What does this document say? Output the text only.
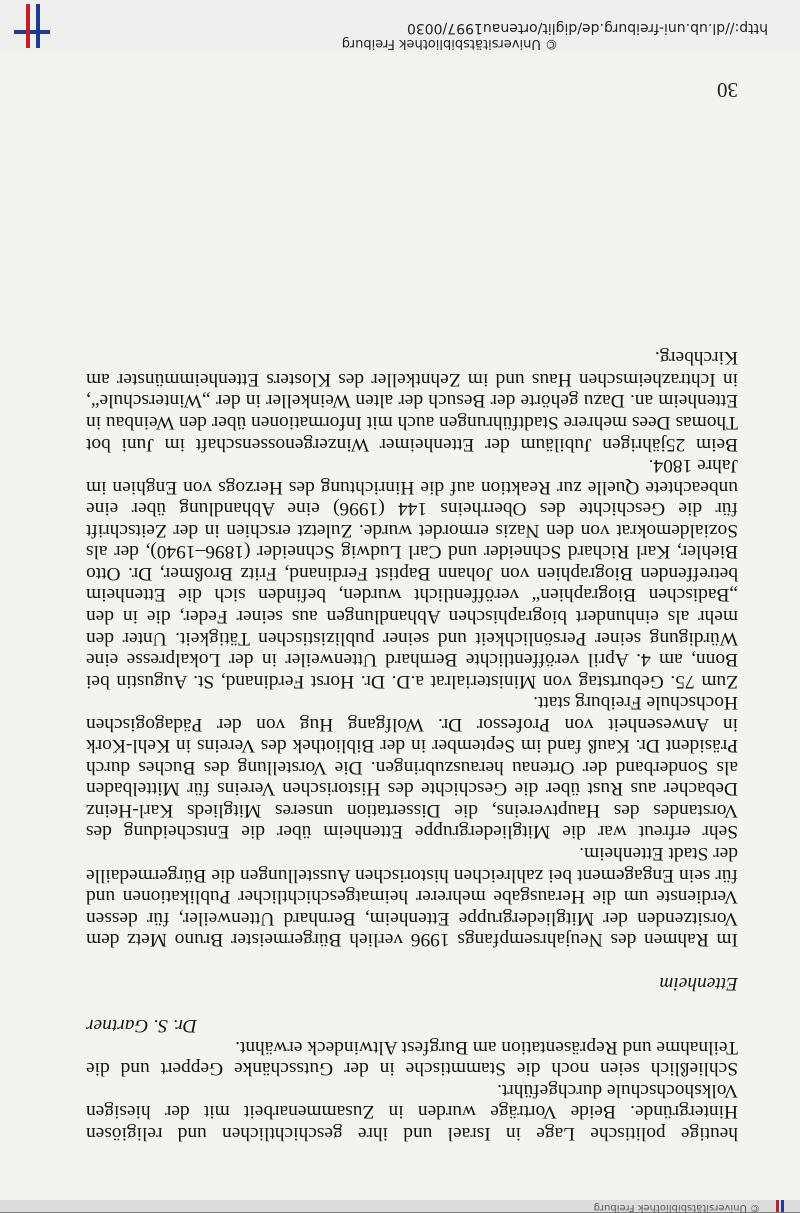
© Universitätsbibliothek Freiburg

heutige politische Lage in Israel und ihre geschichtlichen und religiösen Hintergründe. Beide Vorträge wurden in Zusammenarbeit mit der hiesigen Volkshochschule durchgeführt.

Schließlich seien noch die Stammtische in der Gutsschänke Geppert und die Teilnahme und Repräsentation am Burgfest Altwindeck erwähnt.

Dr. S. Gartner

Ettenheim

Im Rahmen des Neujahrsempfangs 1996 verlieh Bürgermeister Bruno Metz dem Vorsitzenden der Mitgliedergruppe Ettenheim, Bernhard Uttenweiler, für dessen Verdienste um die Herausgabe mehrerer heimatgeschichtlicher Publikationen und für sein Engagement bei zahlreichen historischen Ausstellungen die Bürgermedaille der Stadt Ettenheim.

Sehr erfreut war die Mitgliedergruppe Ettenheim über die Entscheidung des Vorstandes des Hauptvereins, die Dissertation unseres Mitglieds Karl-Heinz Debacher aus Rust über die Geschichte des Historischen Vereins für Mittelbaden als Sonderband der Ortenau herauszubringen. Die Vorstellung des Buches durch Präsident Dr. Kauß fand im September in der Bibliothek des Vereins in Kehl-Kork in Anwesenheit von Professor Dr. Wolfgang Hug von der Pädagogischen Hochschule Freiburg statt.

Zum 75. Geburtstag von Ministerialrat a.D. Dr. Horst Ferdinand, St. Augustin bei Bonn, am 4. April veröffentlichte Bernhard Uttenweiler in der Lokalpresse eine Würdigung seiner Persönlichkeit und seiner publizistischen Tätigkeit. Unter den mehr als einhundert biographischen Abhandlungen aus seiner Feder, die in den „Badischen Biographien“ veröffentlicht wurden, befinden sich die Ettenheim betreffenden Biographien von Johann Baptist Ferdinand, Fritz Broßmer, Dr. Otto Biehler, Karl Richard Schneider und Carl Ludwig Schneider (1896–1940), der als Sozialdemokrat von den Nazis ermordet wurde. Zuletzt erschien in der Zeitschrift für die Geschichte des Oberrheins 144 (1996) eine Abhandlung über eine unbeachtete Quelle zur Reaktion auf die Hinrichtung des Herzogs von Enghien im Jahre 1804.

Beim 25jährigen Jubiläum der Ettenheimer Winzergenossenschaft im Juni bot Thomas Dees mehrere Stadtführungen auch mit Informationen über den Weinbau in Ettenheim an. Dazu gehörte der Besuch der alten Weinkeller in der „Winterschule“, in Ichtrazheimschen Haus und im Zehntkeller des Klosters Ettenheimmünster am Kirchberg.

30
© Universitätsbibliothek Freiburg
http://dl.ub.uni-freiburg.de/diglit/ortenau1997/0030
